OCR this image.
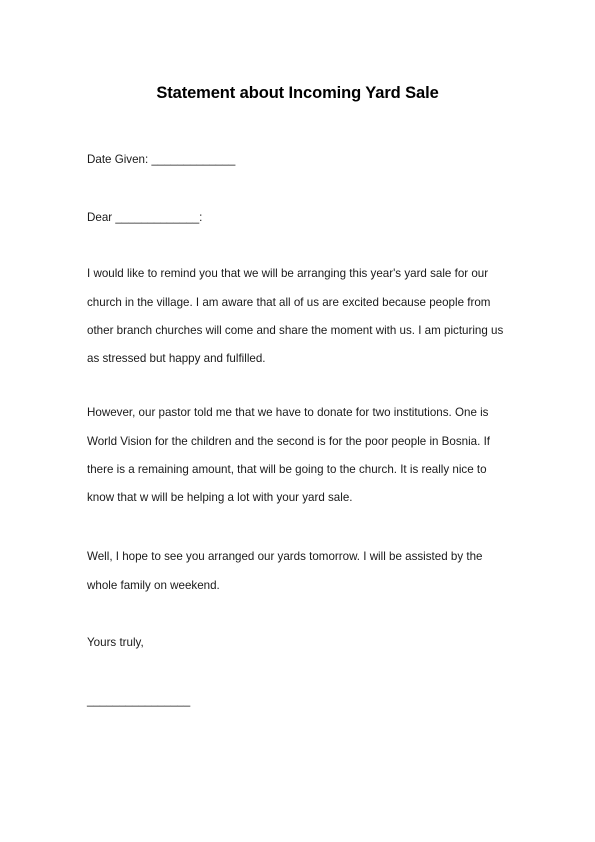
Statement about Incoming Yard Sale

Date Given: _____________

Dear _____________:

I would like to remind you that we will be arranging this year's yard sale for our

church in the village. I am aware that all of us are excited because people from

other branch churches will come and share the moment with us. I am picturing us

as stressed but happy and fulfilled.

However, our pastor told me that we have to donate for two institutions. One is

World Vision for the children and the second is for the poor people in Bosnia. If

there is a remaining amount, that will be going to the church. It is really nice to

know that w will be helping a lot with your yard sale.

Well, I hope to see you arranged our yards tomorrow. I will be assisted by the

whole family on weekend.

Yours truly,

________________
